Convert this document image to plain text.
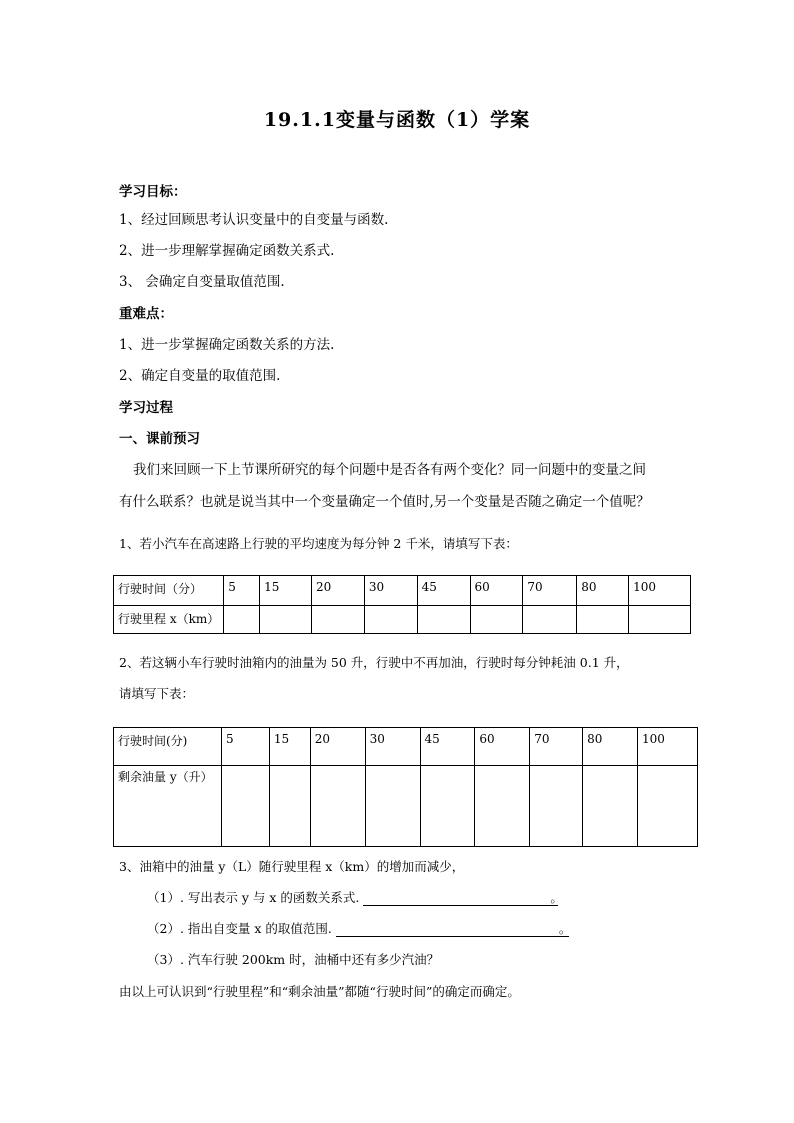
19.1.1变量与函数（1）学案
学习目标：
1、经过回顾思考认识变量中的自变量与函数.
2、进一步理解掌握确定函数关系式.
3、 会确定自变量取值范围.
重难点：
1、进一步掌握确定函数关系的方法.
2、确定自变量的取值范围.
学习过程
一、课前预习
我们来回顾一下上节课所研究的每个问题中是否各有两个变化？同一问题中的变量之间
有什么联系？也就是说当其中一个变量确定一个值时,另一个变量是否随之确定一个值呢？
1、若小汽车在高速路上行驶的平均速度为每分钟 2 千米，请填写下表：
行驶时间（分）	5	15	20	30	45	60	70	80	100
行驶里程 x（km）									
2、若这辆小车行驶时油箱内的油量为 50 升，行驶中不再加油，行驶时每分钟耗油 0.1 升，
请填写下表：
行驶时间(分)	5	15	20	30	45	60	70	80	100
剩余油量 y（升）									
3、油箱中的油量 y（L）随行驶里程 x（km）的增加而减少，
（1）. 写出表示 y 与 x 的函数关系式.	。
（2）. 指出自变量 x 的取值范围.	。
（3）. 汽车行驶 200km 时，油桶中还有多少汽油？
由以上可认识到“行驶里程”和“剩余油量”都随“行驶时间”的确定而确定。
